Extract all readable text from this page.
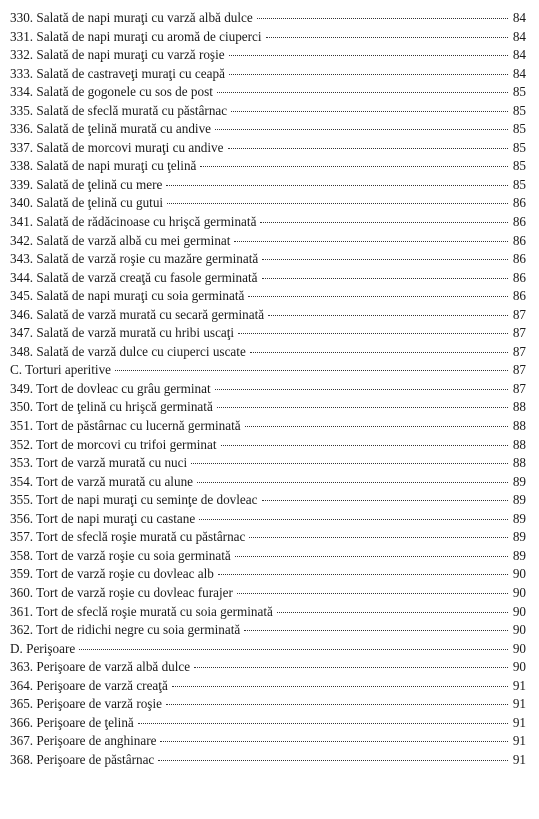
330. Salată de napi muraţi cu varză albă dulce	84
331. Salată de napi muraţi cu aromă de ciuperci	84
332. Salată de napi muraţi cu varză roşie	84
333. Salată de castraveţi muraţi cu ceapă	84
334. Salată de gogonele cu sos de post	85
335. Salată de sfeclă murată cu păstârnac	85
336. Salată de ţelină murată cu andive	85
337. Salată de morcovi muraţi cu andive	85
338. Salată de napi muraţi cu ţelină	85
339. Salată de ţelină cu mere	85
340. Salată de ţelină cu gutui	86
341. Salată de rădăcinoase cu hrişcă germinată	86
342. Salată de varză albă cu mei germinat	86
343. Salată de varză roşie cu mazăre germinată	86
344. Salată de varză creaţă cu fasole germinată	86
345. Salată de napi muraţi cu soia germinată	86
346. Salată de varză murată cu secară germinată	87
347. Salată de varză murată cu hribi uscaţi	87
348. Salată de varză dulce cu ciuperci uscate	87
C. Torturi aperitive	87
349. Tort de dovleac cu grâu germinat	87
350. Tort de ţelină cu hrişcă germinată	88
351. Tort de păstârnac cu lucernă germinată	88
352. Tort de morcovi cu trifoi germinat	88
353. Tort de varză murată cu nuci	88
354. Tort de varză murată cu alune	89
355. Tort de napi muraţi cu seminţe de dovleac	89
356. Tort de napi muraţi cu castane	89
357. Tort de sfeclă roşie murată cu păstârnac	89
358. Tort de varză roşie cu soia germinată	89
359. Tort de varză roşie cu dovleac alb	90
360. Tort de varză roşie cu dovleac furajer	90
361. Tort de sfeclă roşie murată cu soia germinată	90
362. Tort de ridichi negre cu soia germinată	90
D. Perişoare	90
363. Perişoare de varză albă dulce	90
364. Perişoare de varză creaţă	91
365. Perişoare de varză roşie	91
366. Perişoare de ţelină	91
367. Perişoare de anghinare	91
368. Perişoare de păstârnac	91
